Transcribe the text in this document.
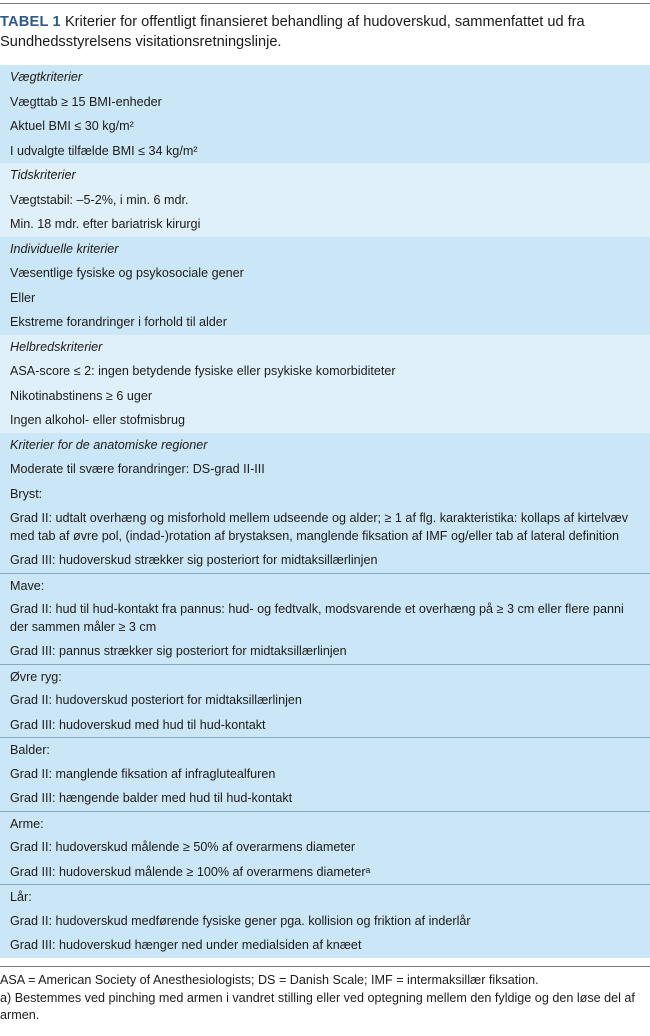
TABEL 1 Kriterier for offentligt finansieret behandling af hudoverskud, sammenfattet ud fra Sundhedsstyrelsens visitationsretningslinje.
Vægtkriterier
Vægttab ≥ 15 BMI-enheder
Aktuel BMI ≤ 30 kg/m²
I udvalgte tilfælde BMI ≤ 34 kg/m²
Tidskriterier
Vægtstabil: –5-2%, i min. 6 mdr.
Min. 18 mdr. efter bariatrisk kirurgi
Individuelle kriterier
Væsentlige fysiske og psykosociale gener
Eller
Ekstreme forandringer i forhold til alder
Helbredskriterier
ASA-score ≤ 2: ingen betydende fysiske eller psykiske komorbiditeter
Nikotinabstinens ≥ 6 uger
Ingen alkohol- eller stofmisbrug
Kriterier for de anatomiske regioner
Moderate til svære forandringer: DS-grad II-III
Bryst:
Grad II: udtalt overhæng og misforhold mellem udseende og alder; ≥ 1 af flg. karakteristika: kollaps af kirtelvæv med tab af øvre pol, (indad-)rotation af brystaksen, manglende fiksation af IMF og/eller tab af lateral definition
Grad III: hudoverskud strækker sig posteriort for midtaksillærlinjen
Mave:
Grad II: hud til hud-kontakt fra pannus: hud- og fedtvalk, modsvarende et overhæng på ≥ 3 cm eller flere panni der sammen måler ≥ 3 cm
Grad III: pannus strækker sig posteriort for midtaksillærlinjen
Øvre ryg:
Grad II: hudoverskud posteriort for midtaksillærlinjen
Grad III: hudoverskud med hud til hud-kontakt
Balder:
Grad II: manglende fiksation af infraglutealfuren
Grad III: hængende balder med hud til hud-kontakt
Arme:
Grad II: hudoverskud målende ≥ 50% af overarmens diameter
Grad III: hudoverskud målende ≥ 100% af overarmens diameterᵃ
Lår:
Grad II: hudoverskud medførende fysiske gener pga. kollision og friktion af inderlår
Grad III: hudoverskud hænger ned under medialsiden af knæet

ASA = American Society of Anesthesiologists; DS = Danish Scale; IMF = intermaksillær fiksation.

a) Bestemmes ved pinching med armen i vandret stilling eller ved optegning mellem den fyldige og den løse del af armen.
